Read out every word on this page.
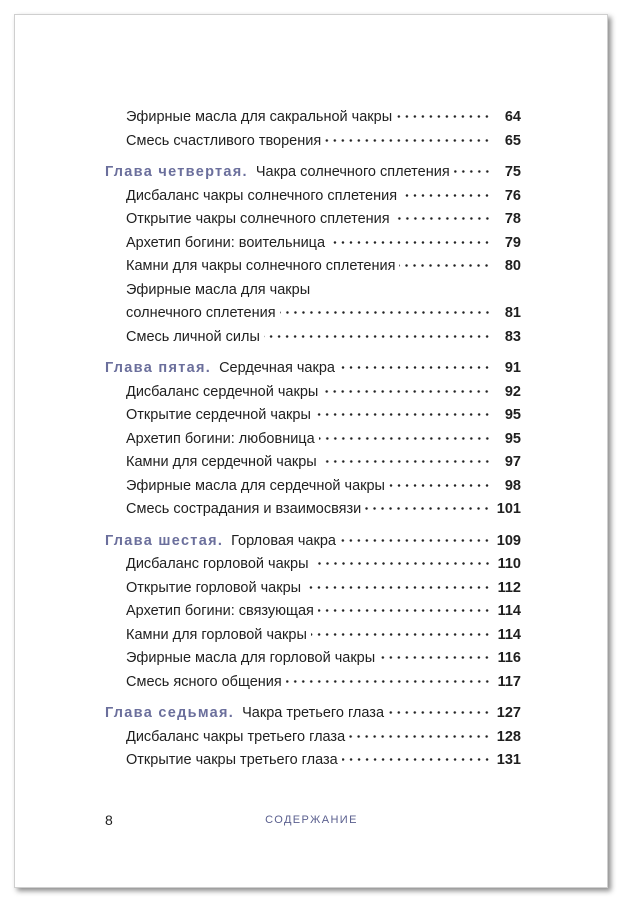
Эфирные масла для сакральной чакры	64
Смесь счастливого творения	65
Глава четвертая. Чакра солнечного сплетения	75
Дисбаланс чакры солнечного сплетения	76
Открытие чакры солнечного сплетения	78
Архетип богини: воительница	79
Камни для чакры солнечного сплетения	80
Эфирные масла для чакры
солнечного сплетения	81
Смесь личной силы	83
Глава пятая. Сердечная чакра	91
Дисбаланс сердечной чакры	92
Открытие сердечной чакры	95
Архетип богини: любовница	95
Камни для сердечной чакры	97
Эфирные масла для сердечной чакры	98
Смесь сострадания и взаимосвязи	101
Глава шестая. Горловая чакра	109
Дисбаланс горловой чакры	110
Открытие горловой чакры	112
Архетип богини: связующая	114
Камни для горловой чакры	114
Эфирные масла для горловой чакры	116
Смесь ясного общения	117
Глава седьмая. Чакра третьего глаза	127
Дисбаланс чакры третьего глаза	128
Открытие чакры третьего глаза	131
8	СОДЕРЖАНИЕ
